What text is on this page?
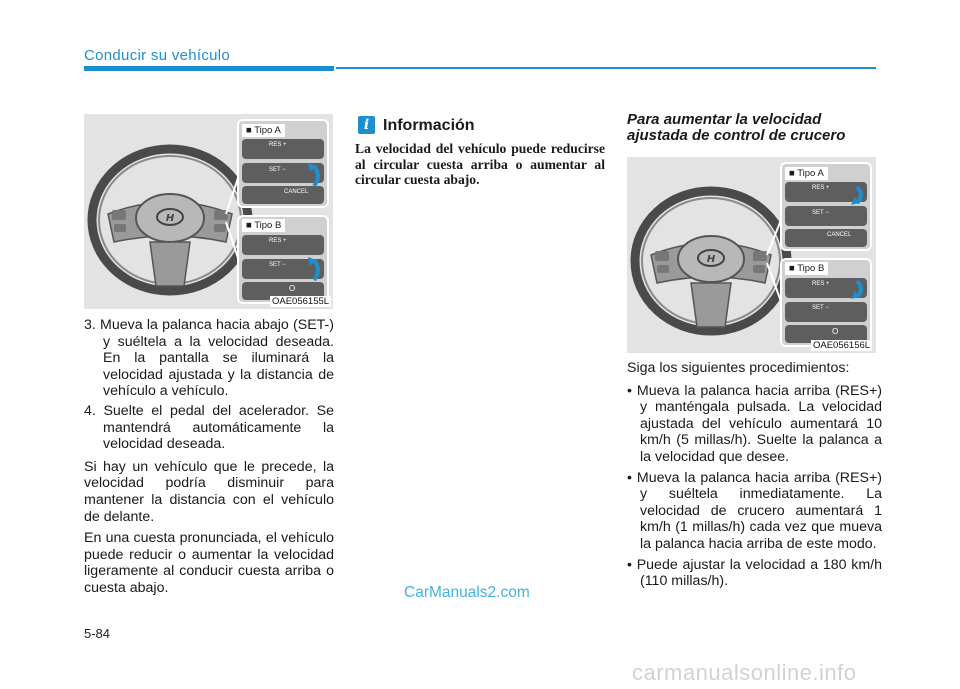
Conducir su vehículo
H
■ Tipo A
■ Tipo B
RES +
SET −
CANCEL
RES +
SET −
O
OAE056155L

3. Mueva la palanca hacia abajo (SET-) y suéltela a la velocidad deseada. En la pantalla se iluminará la velocidad ajustada y la distancia de vehículo a vehículo.

4. Suelte el pedal del acelerador. Se mantendrá automáticamente la velocidad deseada.

Si hay un vehículo que le precede, la velocidad podría disminuir para mantener la distancia con el vehículo de delante.

En una cuesta pronunciada, el vehículo puede reducir o aumentar la velocidad ligeramente al conducir cuesta arriba o cuesta abajo.

i Información
La velocidad del vehículo puede reducirse al circular cuesta arriba o aumentar al circular cuesta abajo.
Para aumentar la velocidad ajustada de control de crucero
H
■ Tipo A
■ Tipo B
RES +
SET −
CANCEL
RES +
SET −
O
OAE056156L

Siga los siguientes procedimientos:

• Mueva la palanca hacia arriba (RES+) y manténgala pulsada. La velocidad ajustada del vehículo aumentará 10 km/h (5 millas/h). Suelte la palanca a la velocidad que desee.

• Mueva la palanca hacia arriba (RES+) y suéltela inmediatamente. La velocidad de crucero aumentará 1 km/h (1 millas/h) cada vez que mueva la palanca hacia arriba de este modo.

• Puede ajustar la velocidad a 180 km/h (110 millas/h).

5-84
CarManuals2.com
carmanualsonline.info
